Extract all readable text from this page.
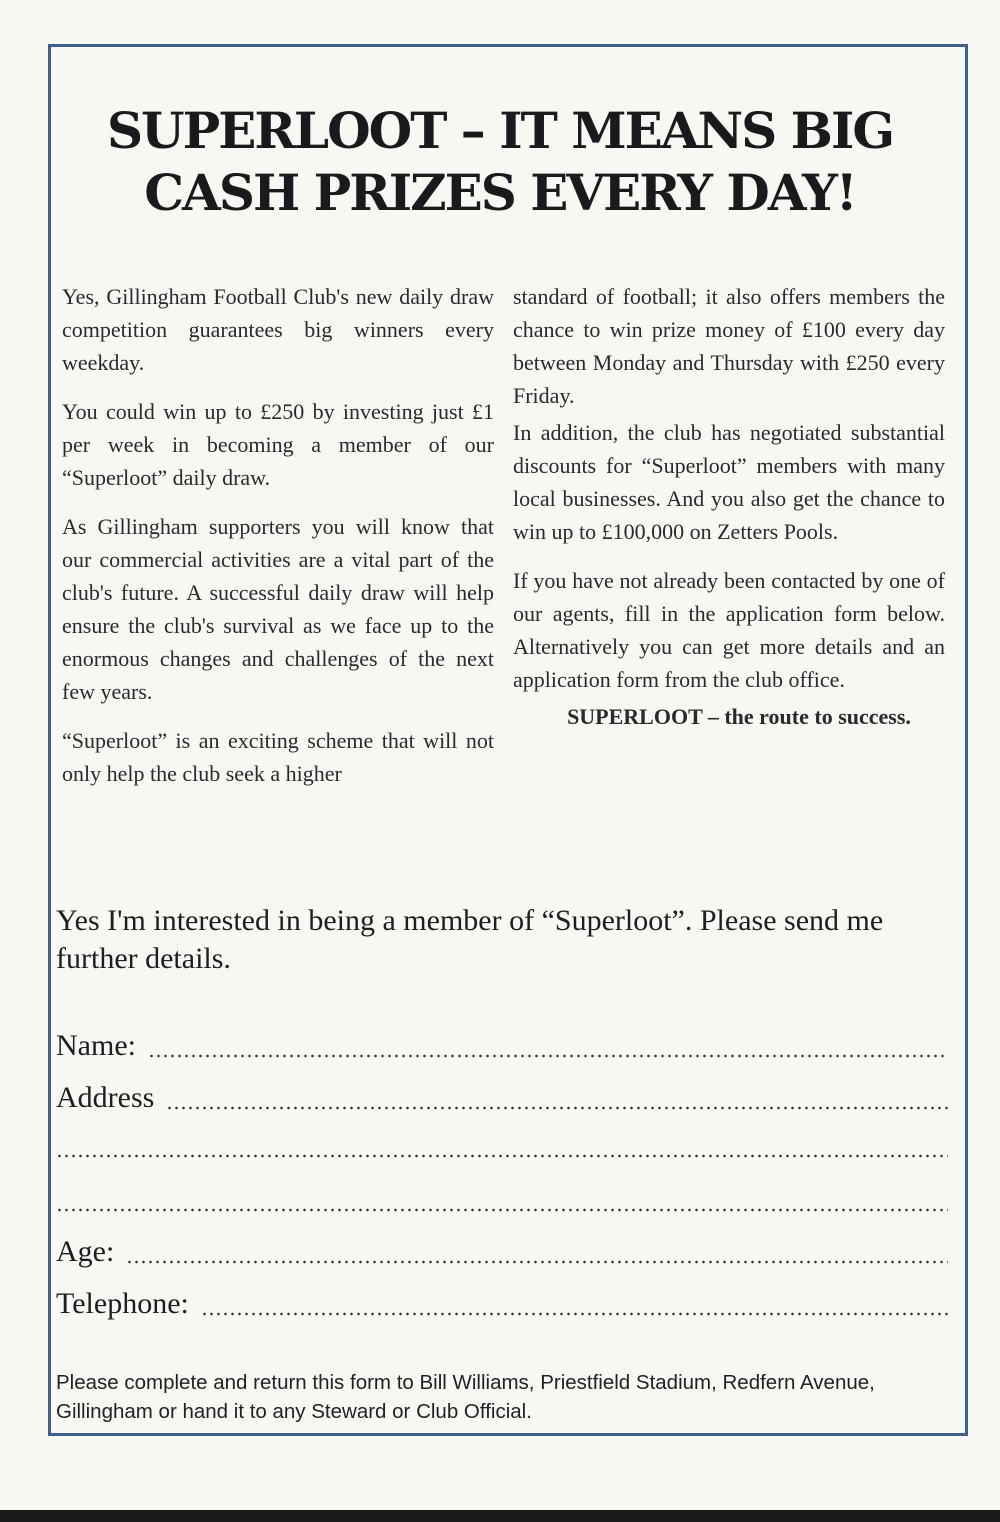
SUPERLOOT – IT MEANS BIG
CASH PRIZES EVERY DAY!

Yes, Gillingham Football Club's new daily draw competition guarantees big winners every weekday.

You could win up to £250 by investing just £1 per week in becoming a member of our “Superloot” daily draw.

As Gillingham supporters you will know that our commercial activities are a vital part of the club's future. A successful daily draw will help ensure the club's survival as we face up to the enormous changes and challenges of the next few years.

“Superloot” is an exciting scheme that will not only help the club seek a higher

standard of football; it also offers members the chance to win prize money of £100 every day between Monday and Thursday with £250 every Friday.

In addition, the club has negotiated substantial discounts for “Superloot” members with many local businesses. And you also get the chance to win up to £100,000 on Zetters Pools.

If you have not already been contacted by one of our agents, fill in the application form below. Alternatively you can get more details and an application form from the club office.

SUPERLOOT – the route to success.

Yes I'm interested in being a member of “Superloot”. Please send me further details.

Name:
Address
Age:
Telephone:

Please complete and return this form to Bill Williams, Priestfield Stadium, Redfern Avenue, Gillingham or hand it to any Steward or Club Official.
